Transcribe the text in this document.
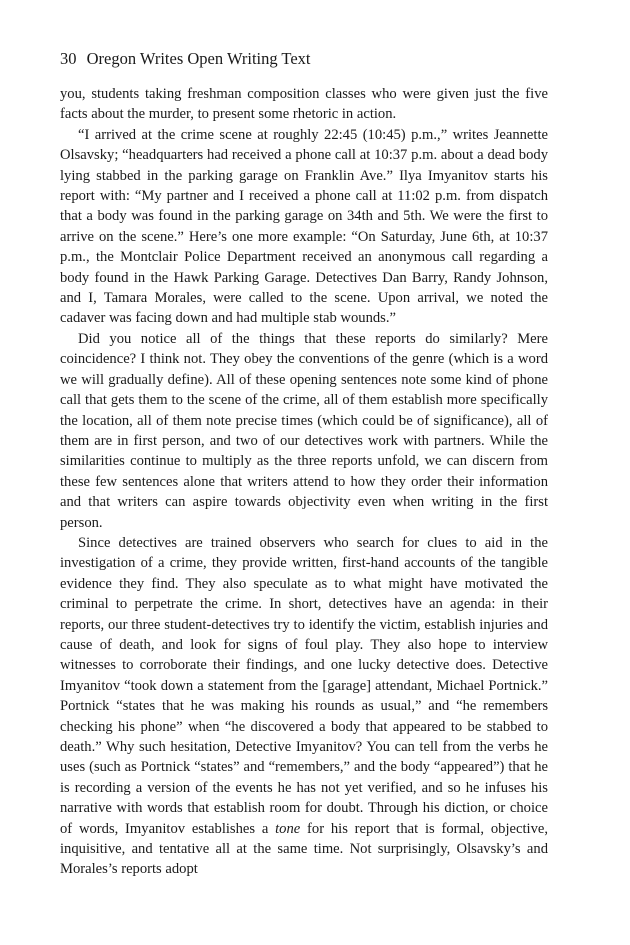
30 Oregon Writes Open Writing Text

you, students taking freshman composition classes who were given just the five facts about the murder, to present some rhetoric in action.

“I arrived at the crime scene at roughly 22:45 (10:45) p.m.,” writes Jeannette Olsavsky; “headquarters had received a phone call at 10:37 p.m. about a dead body lying stabbed in the parking garage on Franklin Ave.” Ilya Imyanitov starts his report with: “My partner and I received a phone call at 11:02 p.m. from dispatch that a body was found in the parking garage on 34th and 5th. We were the first to arrive on the scene.” Here’s one more example: “On Saturday, June 6th, at 10:37 p.m., the Montclair Police Department received an anonymous call regarding a body found in the Hawk Parking Garage. Detectives Dan Barry, Randy Johnson, and I, Tamara Morales, were called to the scene. Upon arrival, we noted the cadaver was facing down and had multiple stab wounds.”

Did you notice all of the things that these reports do similarly? Mere coincidence? I think not. They obey the conventions of the genre (which is a word we will gradually define). All of these opening sentences note some kind of phone call that gets them to the scene of the crime, all of them establish more specifically the location, all of them note precise times (which could be of significance), all of them are in first person, and two of our detectives work with partners. While the similarities continue to multiply as the three reports unfold, we can discern from these few sentences alone that writers attend to how they order their information and that writers can aspire towards objectivity even when writing in the first person.

Since detectives are trained observers who search for clues to aid in the investigation of a crime, they provide written, first-hand accounts of the tangible evidence they find. They also speculate as to what might have motivated the criminal to perpetrate the crime. In short, detectives have an agenda: in their reports, our three student-detectives try to identify the victim, establish injuries and cause of death, and look for signs of foul play. They also hope to interview witnesses to corroborate their findings, and one lucky detective does. Detective Imyanitov “took down a statement from the [garage] attendant, Michael Portnick.” Portnick “states that he was making his rounds as usual,” and “he remembers checking his phone” when “he discovered a body that appeared to be stabbed to death.” Why such hesitation, Detective Imyanitov? You can tell from the verbs he uses (such as Portnick “states” and “remembers,” and the body “appeared”) that he is recording a version of the events he has not yet verified, and so he infuses his narrative with words that establish room for doubt. Through his diction, or choice of words, Imyanitov establishes a tone for his report that is formal, objective, inquisitive, and tentative all at the same time. Not surprisingly, Olsavsky’s and Morales’s reports adopt
